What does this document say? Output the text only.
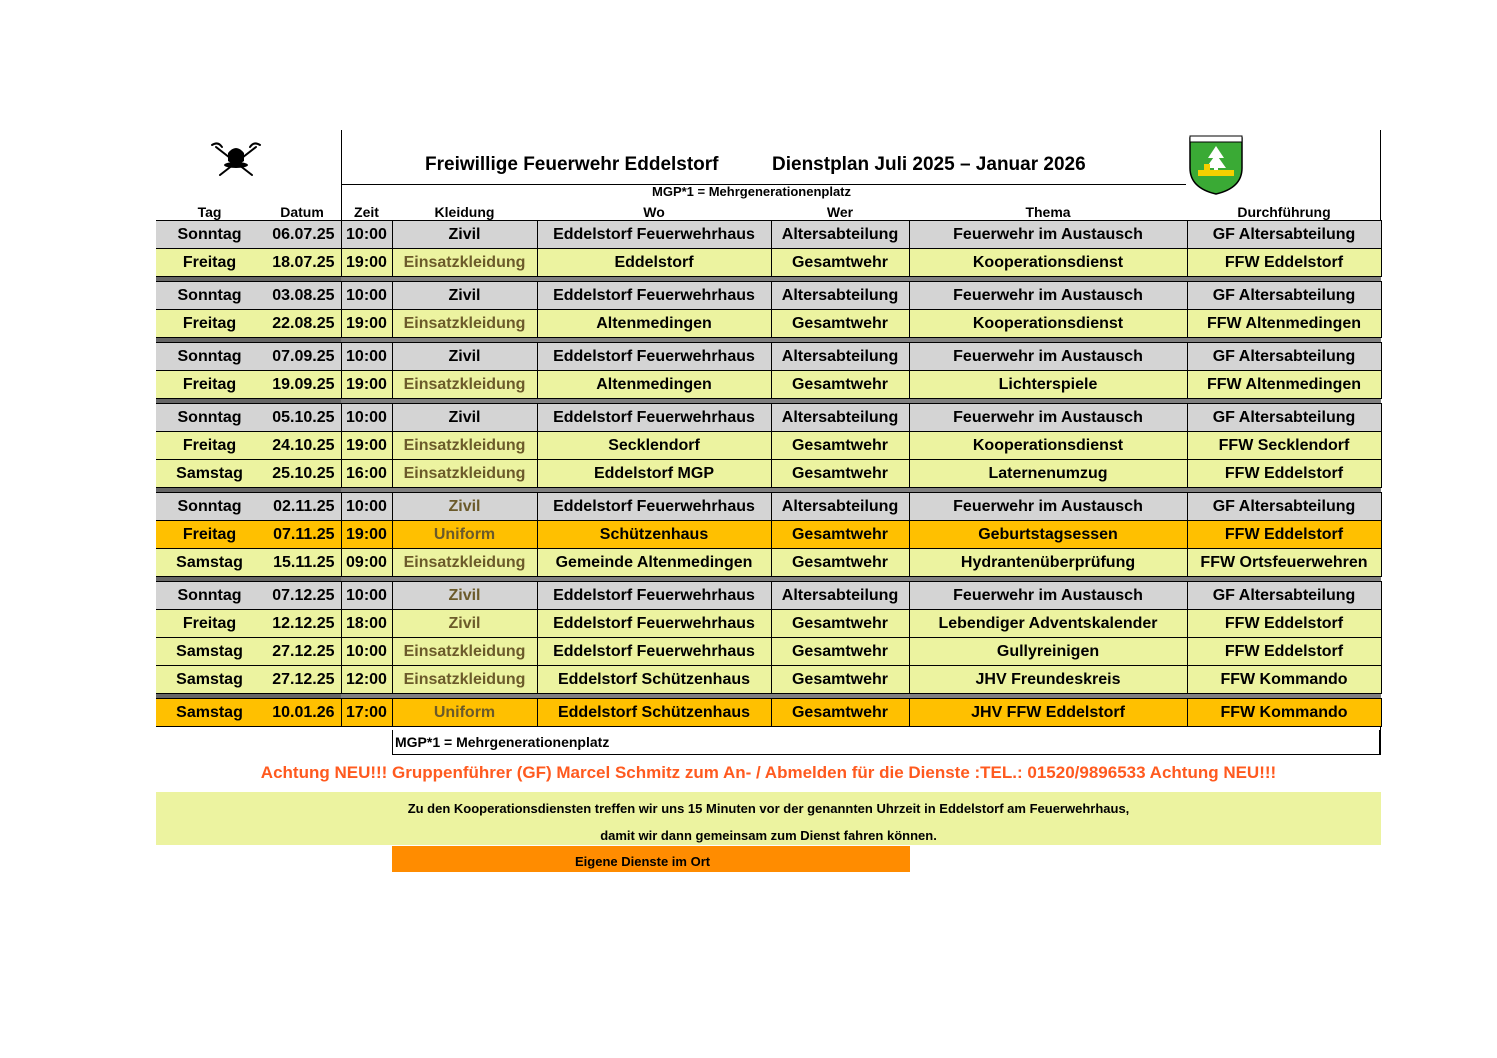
Freiwillige Feuerwehr Eddelstorf	Dienstplan Juli 2025 – Januar 2026
MGP*1 = Mehrgenerationenplatz
Tag	Datum	Zeit	Kleidung	Wo	Wer	Thema	Durchführung
Sonntag	06.07.25	10:00	Zivil	Eddelstorf Feuerwehrhaus	Altersabteilung	Feuerwehr im Austausch	GF Altersabteilung
Freitag	18.07.25	19:00	Einsatzkleidung	Eddelstorf	Gesamtwehr	Kooperationsdienst	FFW Eddelstorf

Sonntag	03.08.25	10:00	Zivil	Eddelstorf Feuerwehrhaus	Altersabteilung	Feuerwehr im Austausch	GF Altersabteilung
Freitag	22.08.25	19:00	Einsatzkleidung	Altenmedingen	Gesamtwehr	Kooperationsdienst	FFW Altenmedingen

Sonntag	07.09.25	10:00	Zivil	Eddelstorf Feuerwehrhaus	Altersabteilung	Feuerwehr im Austausch	GF Altersabteilung
Freitag	19.09.25	19:00	Einsatzkleidung	Altenmedingen	Gesamtwehr	Lichterspiele	FFW Altenmedingen

Sonntag	05.10.25	10:00	Zivil	Eddelstorf Feuerwehrhaus	Altersabteilung	Feuerwehr im Austausch	GF Altersabteilung
Freitag	24.10.25	19:00	Einsatzkleidung	Secklendorf	Gesamtwehr	Kooperationsdienst	FFW Secklendorf
Samstag	25.10.25	16:00	Einsatzkleidung	Eddelstorf MGP	Gesamtwehr	Laternenumzug	FFW Eddelstorf

Sonntag	02.11.25	10:00	Zivil	Eddelstorf Feuerwehrhaus	Altersabteilung	Feuerwehr im Austausch	GF Altersabteilung
Freitag	07.11.25	19:00	Uniform	Schützenhaus	Gesamtwehr	Geburtstagsessen	FFW Eddelstorf
Samstag	15.11.25	09:00	Einsatzkleidung	Gemeinde Altenmedingen	Gesamtwehr	Hydrantenüberprüfung	FFW Ortsfeuerwehren

Sonntag	07.12.25	10:00	Zivil	Eddelstorf Feuerwehrhaus	Altersabteilung	Feuerwehr im Austausch	GF Altersabteilung
Freitag	12.12.25	18:00	Zivil	Eddelstorf Feuerwehrhaus	Gesamtwehr	Lebendiger Adventskalender	FFW Eddelstorf
Samstag	27.12.25	10:00	Einsatzkleidung	Eddelstorf Feuerwehrhaus	Gesamtwehr	Gullyreinigen	FFW Eddelstorf
Samstag	27.12.25	12:00	Einsatzkleidung	Eddelstorf Schützenhaus	Gesamtwehr	JHV Freundeskreis	FFW Kommando

Samstag	10.01.26	17:00	Uniform	Eddelstorf Schützenhaus	Gesamtwehr	JHV FFW Eddelstorf	FFW Kommando
MGP*1 = Mehrgenerationenplatz
Achtung NEU!!! Gruppenführer (GF) Marcel Schmitz zum An- / Abmelden für die Dienste :TEL.: 01520/9896533 Achtung NEU!!!
Zu den Kooperationsdiensten treffen wir uns 15 Minuten vor der genannten Uhrzeit in Eddelstorf am Feuerwehrhaus,
damit wir dann gemeinsam zum Dienst fahren können.
Eigene Dienste im Ort
